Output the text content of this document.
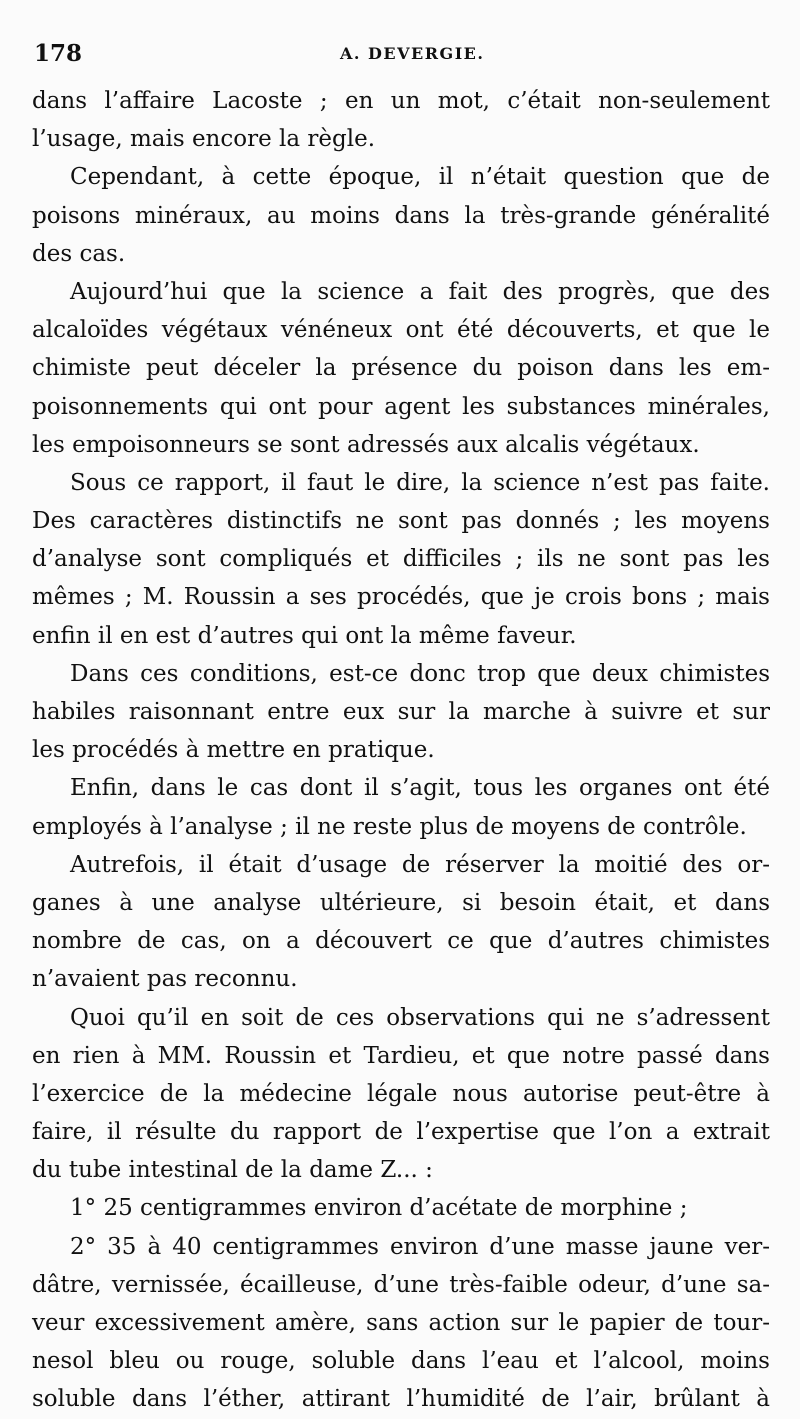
178	A. DEVERGIE.
dans l’affaire Lacoste ; en un mot, c’était non-seulement
l’usage, mais encore la règle.
Cependant, à cette époque, il n’était question que de
poisons minéraux, au moins dans la très-grande généralité
des cas.
Aujourd’hui que la science a fait des progrès, que des
alcaloïdes végétaux vénéneux ont été découverts, et que le
chimiste peut déceler la présence du poison dans les em-
poisonnements qui ont pour agent les substances minérales,
les empoisonneurs se sont adressés aux alcalis végétaux.
Sous ce rapport, il faut le dire, la science n’est pas faite.
Des caractères distinctifs ne sont pas donnés ; les moyens
d’analyse sont compliqués et difficiles ; ils ne sont pas les
mêmes ; M. Roussin a ses procédés, que je crois bons ; mais
enfin il en est d’autres qui ont la même faveur.
Dans ces conditions, est-ce donc trop que deux chimistes
habiles raisonnant entre eux sur la marche à suivre et sur
les procédés à mettre en pratique.
Enfin, dans le cas dont il s’agit, tous les organes ont été
employés à l’analyse ; il ne reste plus de moyens de contrôle.
Autrefois, il était d’usage de réserver la moitié des or-
ganes à une analyse ultérieure, si besoin était, et dans
nombre de cas, on a découvert ce que d’autres chimistes
n’avaient pas reconnu.
Quoi qu’il en soit de ces observations qui ne s’adressent
en rien à MM. Roussin et Tardieu, et que notre passé dans
l’exercice de la médecine légale nous autorise peut-être à
faire, il résulte du rapport de l’expertise que l’on a extrait
du tube intestinal de la dame Z... :
1° 25 centigrammes environ d’acétate de morphine ;
2° 35 à 40 centigrammes environ d’une masse jaune ver-
dâtre, vernissée, écailleuse, d’une très-faible odeur, d’une sa-
veur excessivement amère, sans action sur le papier de tour-
nesol bleu ou rouge, soluble dans l’eau et l’alcool, moins
soluble dans l’éther, attirant l’humidité de l’air, brûlant à
